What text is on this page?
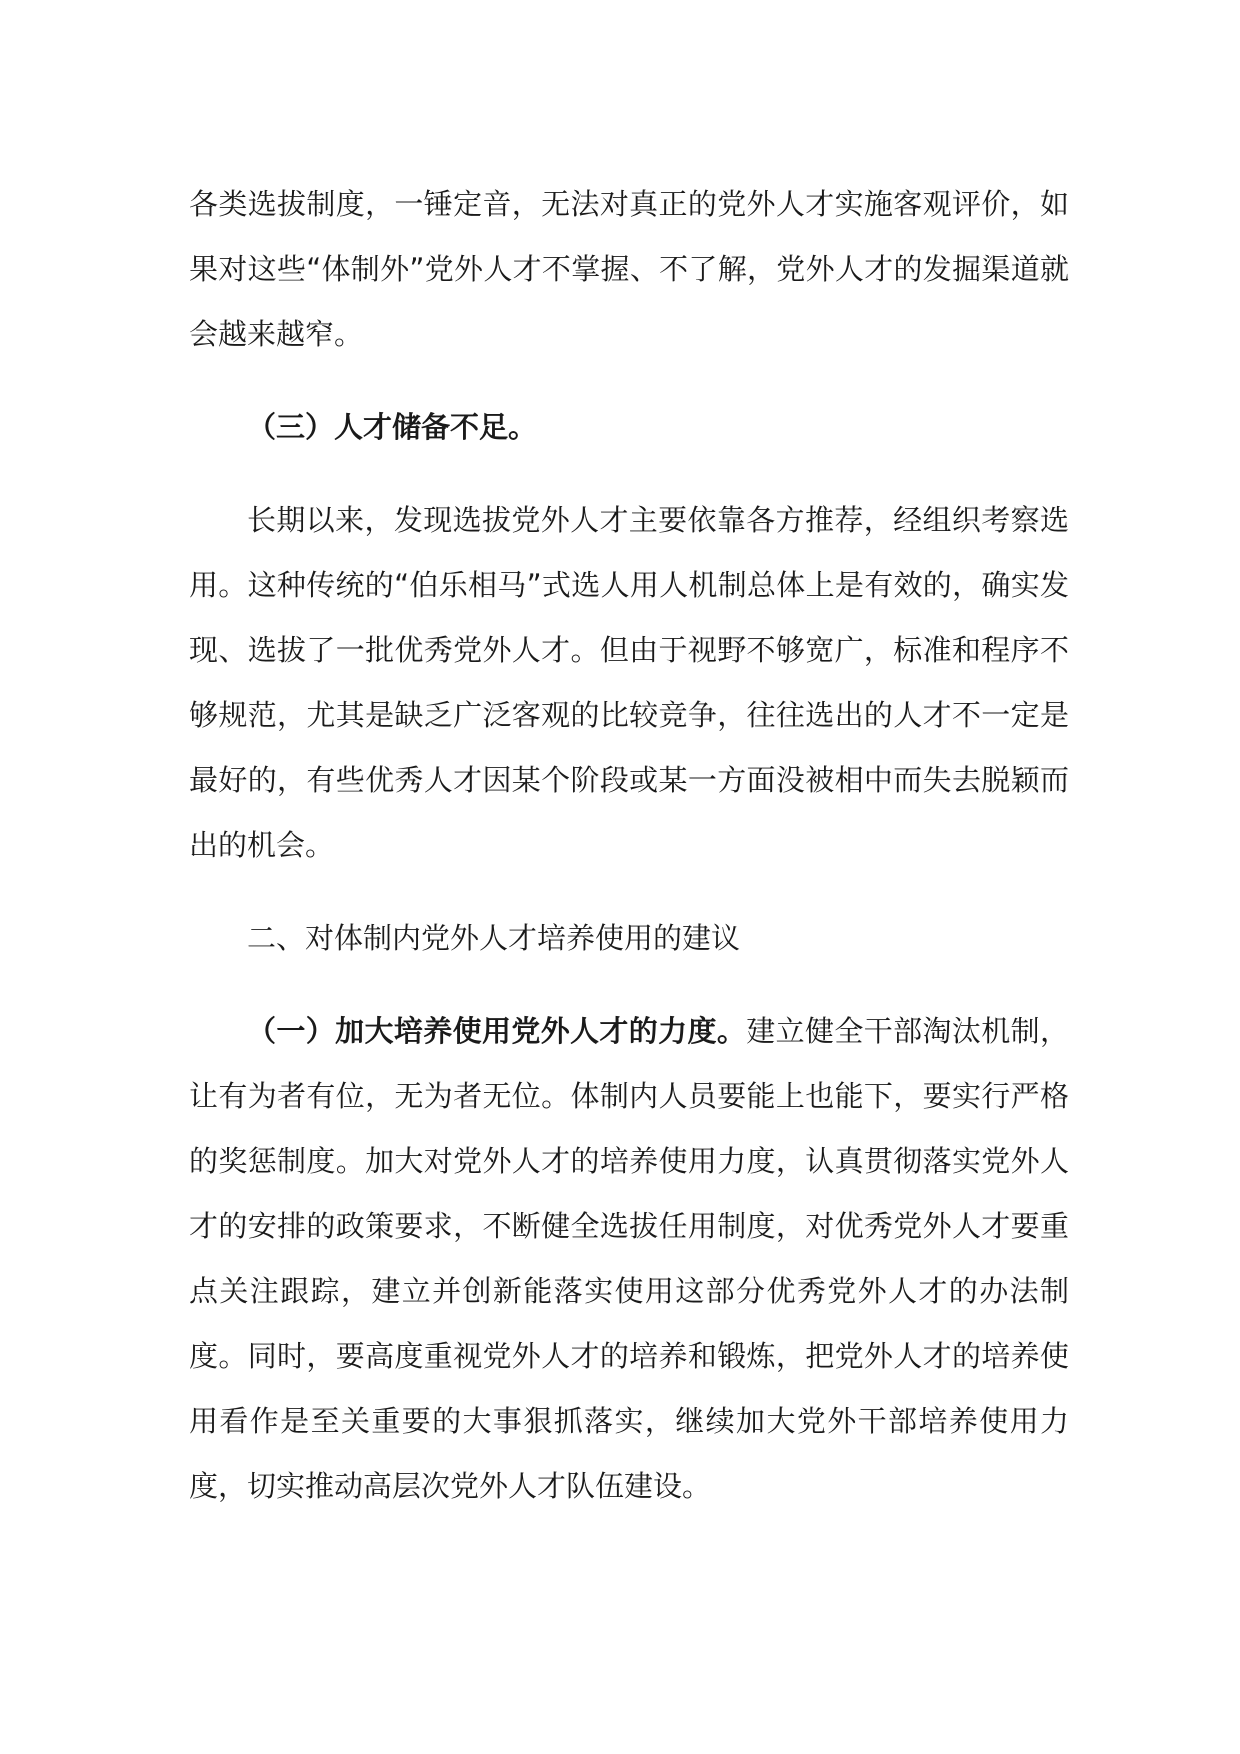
各类选拔制度，一锤定音，无法对真正的党外人才实施客观评价，如果对这些“体制外”党外人才不掌握、不了解，党外人才的发掘渠道就会越来越窄。

（三）人才储备不足。

长期以来，发现选拔党外人才主要依靠各方推荐，经组织考察选用。这种传统的“伯乐相马”式选人用人机制总体上是有效的，确实发现、选拔了一批优秀党外人才。但由于视野不够宽广，标准和程序不够规范，尤其是缺乏广泛客观的比较竞争，往往选出的人才不一定是最好的，有些优秀人才因某个阶段或某一方面没被相中而失去脱颖而出的机会。

二、对体制内党外人才培养使用的建议

（一）加大培养使用党外人才的力度。建立健全干部淘汰机制，让有为者有位，无为者无位。体制内人员要能上也能下，要实行严格的奖惩制度。加大对党外人才的培养使用力度，认真贯彻落实党外人才的安排的政策要求，不断健全选拔任用制度，对优秀党外人才要重点关注跟踪，建立并创新能落实使用这部分优秀党外人才的办法制度。同时，要高度重视党外人才的培养和锻炼，把党外人才的培养使用看作是至关重要的大事狠抓落实，继续加大党外干部培养使用力度，切实推动高层次党外人才队伍建设。
